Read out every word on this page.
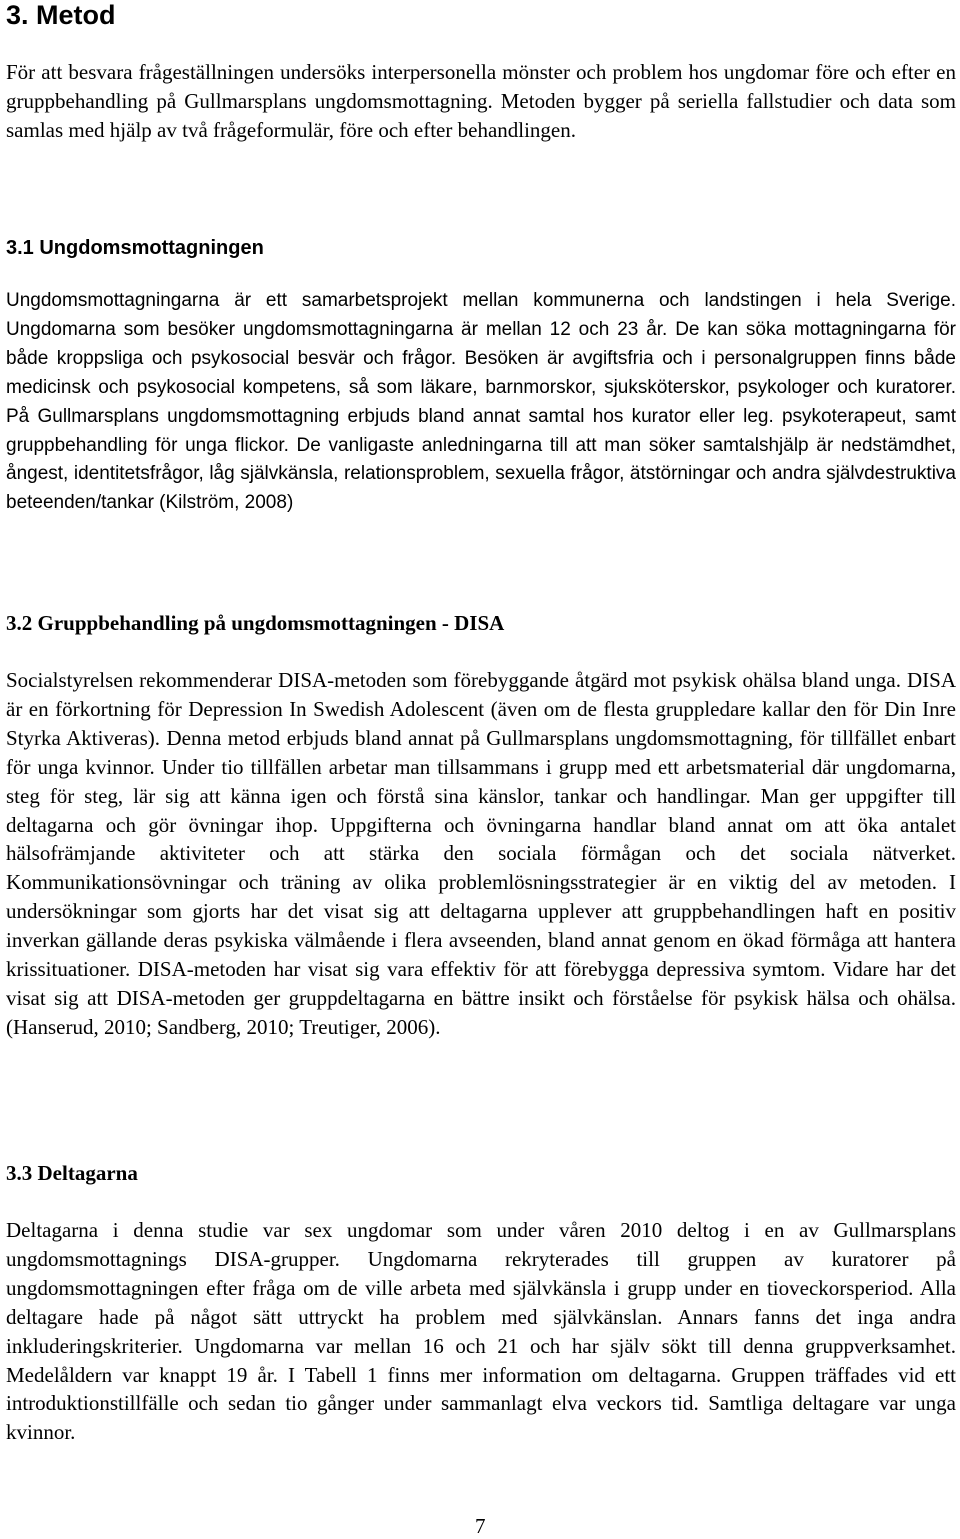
3. Metod

För att besvara frågeställningen undersöks interpersonella mönster och problem hos ungdomar före och efter en gruppbehandling på Gullmarsplans ungdomsmottagning. Metoden bygger på seriella fallstudier och data som samlas med hjälp av två frågeformulär, före och efter behandlingen.

3.1 Ungdomsmottagningen

Ungdomsmottagningarna är ett samarbetsprojekt mellan kommunerna och landstingen i hela Sverige. Ungdomarna som besöker ungdomsmottagningarna är mellan 12 och 23 år. De kan söka mottagningarna för både kroppsliga och psykosocial besvär och frågor. Besöken är avgiftsfria och i personalgruppen finns både medicinsk och psykosocial kompetens, så som läkare, barnmorskor, sjuksköterskor, psykologer och kuratorer. På Gullmarsplans ungdomsmottagning erbjuds bland annat samtal hos kurator eller leg. psykoterapeut, samt gruppbehandling för unga flickor. De vanligaste anledningarna till att man söker samtalshjälp är nedstämdhet, ångest, identitetsfrågor, låg självkänsla, relationsproblem, sexuella frågor, ätstörningar och andra självdestruktiva beteenden/tankar (Kilström, 2008)

3.2 Gruppbehandling på ungdomsmottagningen - DISA

Socialstyrelsen rekommenderar DISA-metoden som förebyggande åtgärd mot psykisk ohälsa bland unga. DISA är en förkortning för Depression In Swedish Adolescent (även om de flesta gruppledare kallar den för Din Inre Styrka Aktiveras). Denna metod erbjuds bland annat på Gullmarsplans ungdomsmottagning, för tillfället enbart för unga kvinnor. Under tio tillfällen arbetar man tillsammans i grupp med ett arbetsmaterial där ungdomarna, steg för steg, lär sig att känna igen och förstå sina känslor, tankar och handlingar. Man ger uppgifter till deltagarna och gör övningar ihop. Uppgifterna och övningarna handlar bland annat om att öka antalet hälsofrämjande aktiviteter och att stärka den sociala förmågan och det sociala nätverket. Kommunikationsövningar och träning av olika problemlösningsstrategier är en viktig del av metoden. I undersökningar som gjorts har det visat sig att deltagarna upplever att gruppbehandlingen haft en positiv inverkan gällande deras psykiska välmående i flera avseenden, bland annat genom en ökad förmåga att hantera krissituationer. DISA-metoden har visat sig vara effektiv för att förebygga depressiva symtom. Vidare har det visat sig att DISA-metoden ger gruppdeltagarna en bättre insikt och förståelse för psykisk hälsa och ohälsa. (Hanserud, 2010; Sandberg, 2010; Treutiger, 2006).

3.3 Deltagarna

Deltagarna i denna studie var sex ungdomar som under våren 2010 deltog i en av Gullmarsplans ungdomsmottagnings DISA-grupper. Ungdomarna rekryterades till gruppen av kuratorer på ungdomsmottagningen efter fråga om de ville arbeta med självkänsla i grupp under en tioveckorsperiod. Alla deltagare hade på något sätt uttryckt ha problem med självkänslan. Annars fanns det inga andra inkluderingskriterier. Ungdomarna var mellan 16 och 21 och har själv sökt till denna gruppverksamhet. Medelåldern var knappt 19 år. I Tabell 1 finns mer information om deltagarna. Gruppen träffades vid ett introduktionstillfälle och sedan tio gånger under sammanlagt elva veckors tid. Samtliga deltagare var unga kvinnor.

7
